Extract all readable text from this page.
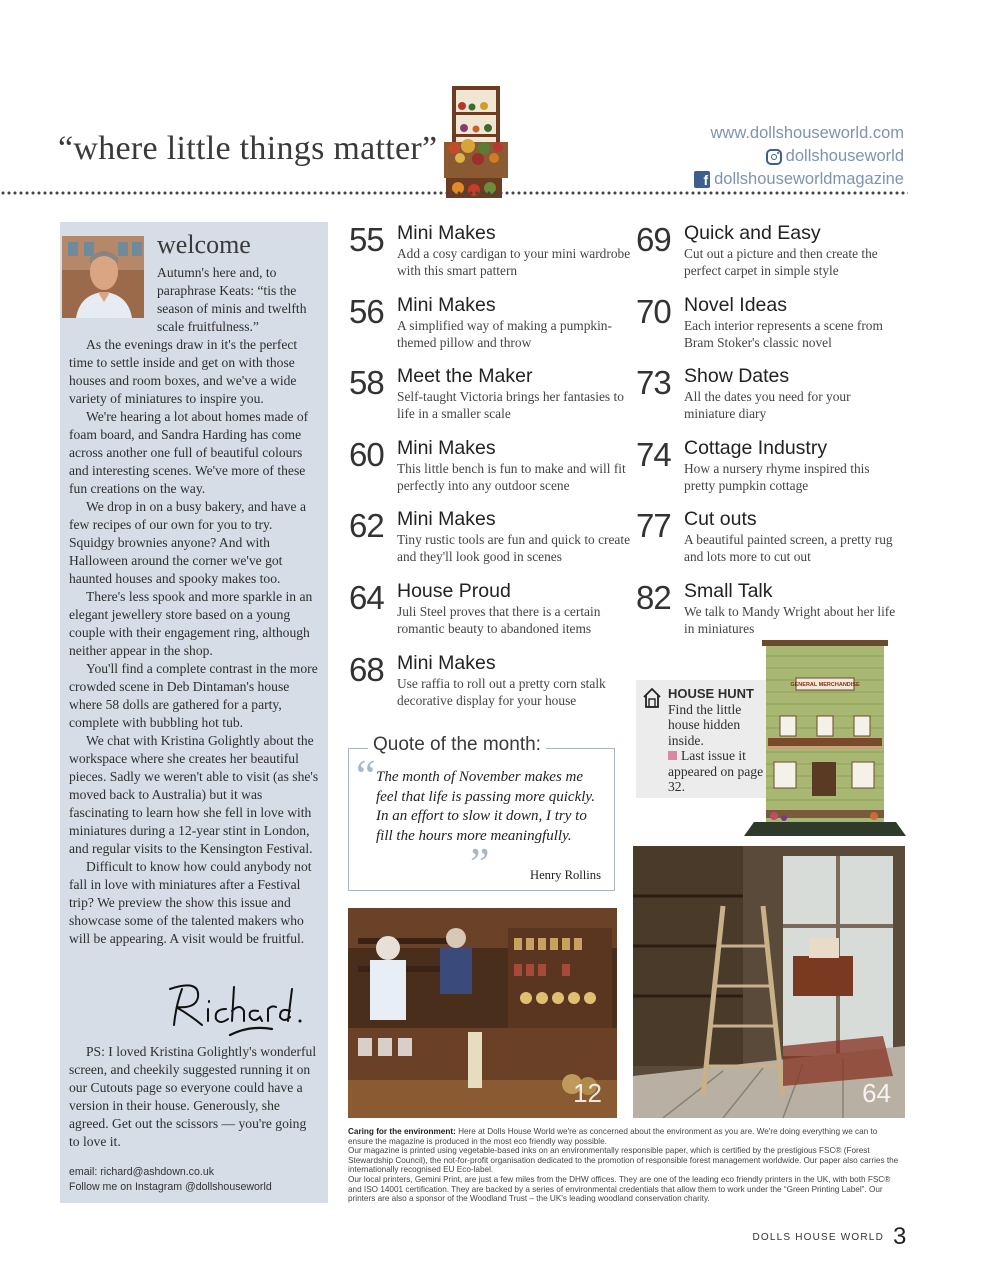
“where little things matter”	www.dollshouseworld.com
dollshouseworld
f dollshouseworldmagazine
welcome

Autumn's here and, to paraphrase Keats: “tis the season of minis and twelfth scale fruitfulness.”

As the evenings draw in it's the perfect time to settle inside and get on with those houses and room boxes, and we've a wide variety of miniatures to inspire you.

We're hearing a lot about homes made of foam board, and Sandra Harding has come across another one full of beautiful colours and interesting scenes. We've more of these fun creations on the way.

We drop in on a busy bakery, and have a few recipes of our own for you to try. Squidgy brownies anyone? And with Halloween around the corner we've got haunted houses and spooky makes too.

There's less spook and more sparkle in an elegant jewellery store based on a young couple with their engagement ring, although neither appear in the shop.

You'll find a complete contrast in the more crowded scene in Deb Dintaman's house where 58 dolls are gathered for a party, complete with bubbling hot tub.

We chat with Kristina Golightly about the workspace where she creates her beautiful pieces. Sadly we weren't able to visit (as she's moved back to Australia) but it was fascinating to learn how she fell in love with miniatures during a 12-year stint in London, and regular visits to the Kensington Festival.

Difficult to know how could anybody not fall in love with miniatures after a Festival trip? We preview the show this issue and showcase some of the talented makers who will be appearing. A visit would be fruitful.

Richard.

PS: I loved Kristina Golightly's wonderful screen, and cheekily suggested running it on our Cutouts page so everyone could have a version in their house. Generously, she agreed. Get out the scissors — you're going to love it.

email: richard@ashdown.co.uk
Follow me on Instagram @dollshouseworld
55 Mini Makes
Add a cosy cardigan to your mini wardrobe with this smart pattern
56 Mini Makes
A simplified way of making a pumpkin-themed pillow and throw
58 Meet the Maker
Self-taught Victoria brings her fantasies to life in a smaller scale
60 Mini Makes
This little bench is fun to make and will fit perfectly into any outdoor scene
62 Mini Makes
Tiny rustic tools are fun and quick to create and they'll look good in scenes
64 House Proud
Juli Steel proves that there is a certain romantic beauty to abandoned items
68 Mini Makes
Use raffia to roll out a pretty corn stalk decorative display for your house
69 Quick and Easy
Cut out a picture and then create the perfect carpet in simple style
70 Novel Ideas
Each interior represents a scene from Bram Stoker's classic novel
73 Show Dates
All the dates you need for your miniature diary
74 Cottage Industry
How a nursery rhyme inspired this pretty pumpkin cottage
77 Cut outs
A beautiful painted screen, a pretty rug and lots more to cut out
82 Small Talk
We talk to Mandy Wright about her life in miniatures
HOUSE HUNT
Find the little house hidden inside.
Last issue it appeared on page 32.
GENERAL MERCHANDISE
Quote of the month:
“ The month of November makes me feel that life is passing more quickly. In an effort to slow it down, I try to fill the hours more meaningfully.
”	Henry Rollins
12	64
Caring for the environment: Here at Dolls House World we're as concerned about the environment as you are. We're doing everything we can to ensure the magazine is produced in the most eco friendly way possible.
Our magazine is printed using vegetable-based inks on an environmentally responsible paper, which is certified by the prestigious FSC® (Forest Stewardship Council), the not-for-profit organisation dedicated to the promotion of responsible forest management worldwide. Our paper also carries the internationally recognised EU Eco-label.
Our local printers, Gemini Print, are just a few miles from the DHW offices. They are one of the leading eco friendly printers in the UK, with both FSC® and ISO 14001 certification. They are backed by a series of environmental credentials that allow them to work under the “Green Printing Label”. Our printers are also a sponsor of the Woodland Trust – the UK's leading woodland conservation charity.
DOLLS HOUSE WORLD 3
